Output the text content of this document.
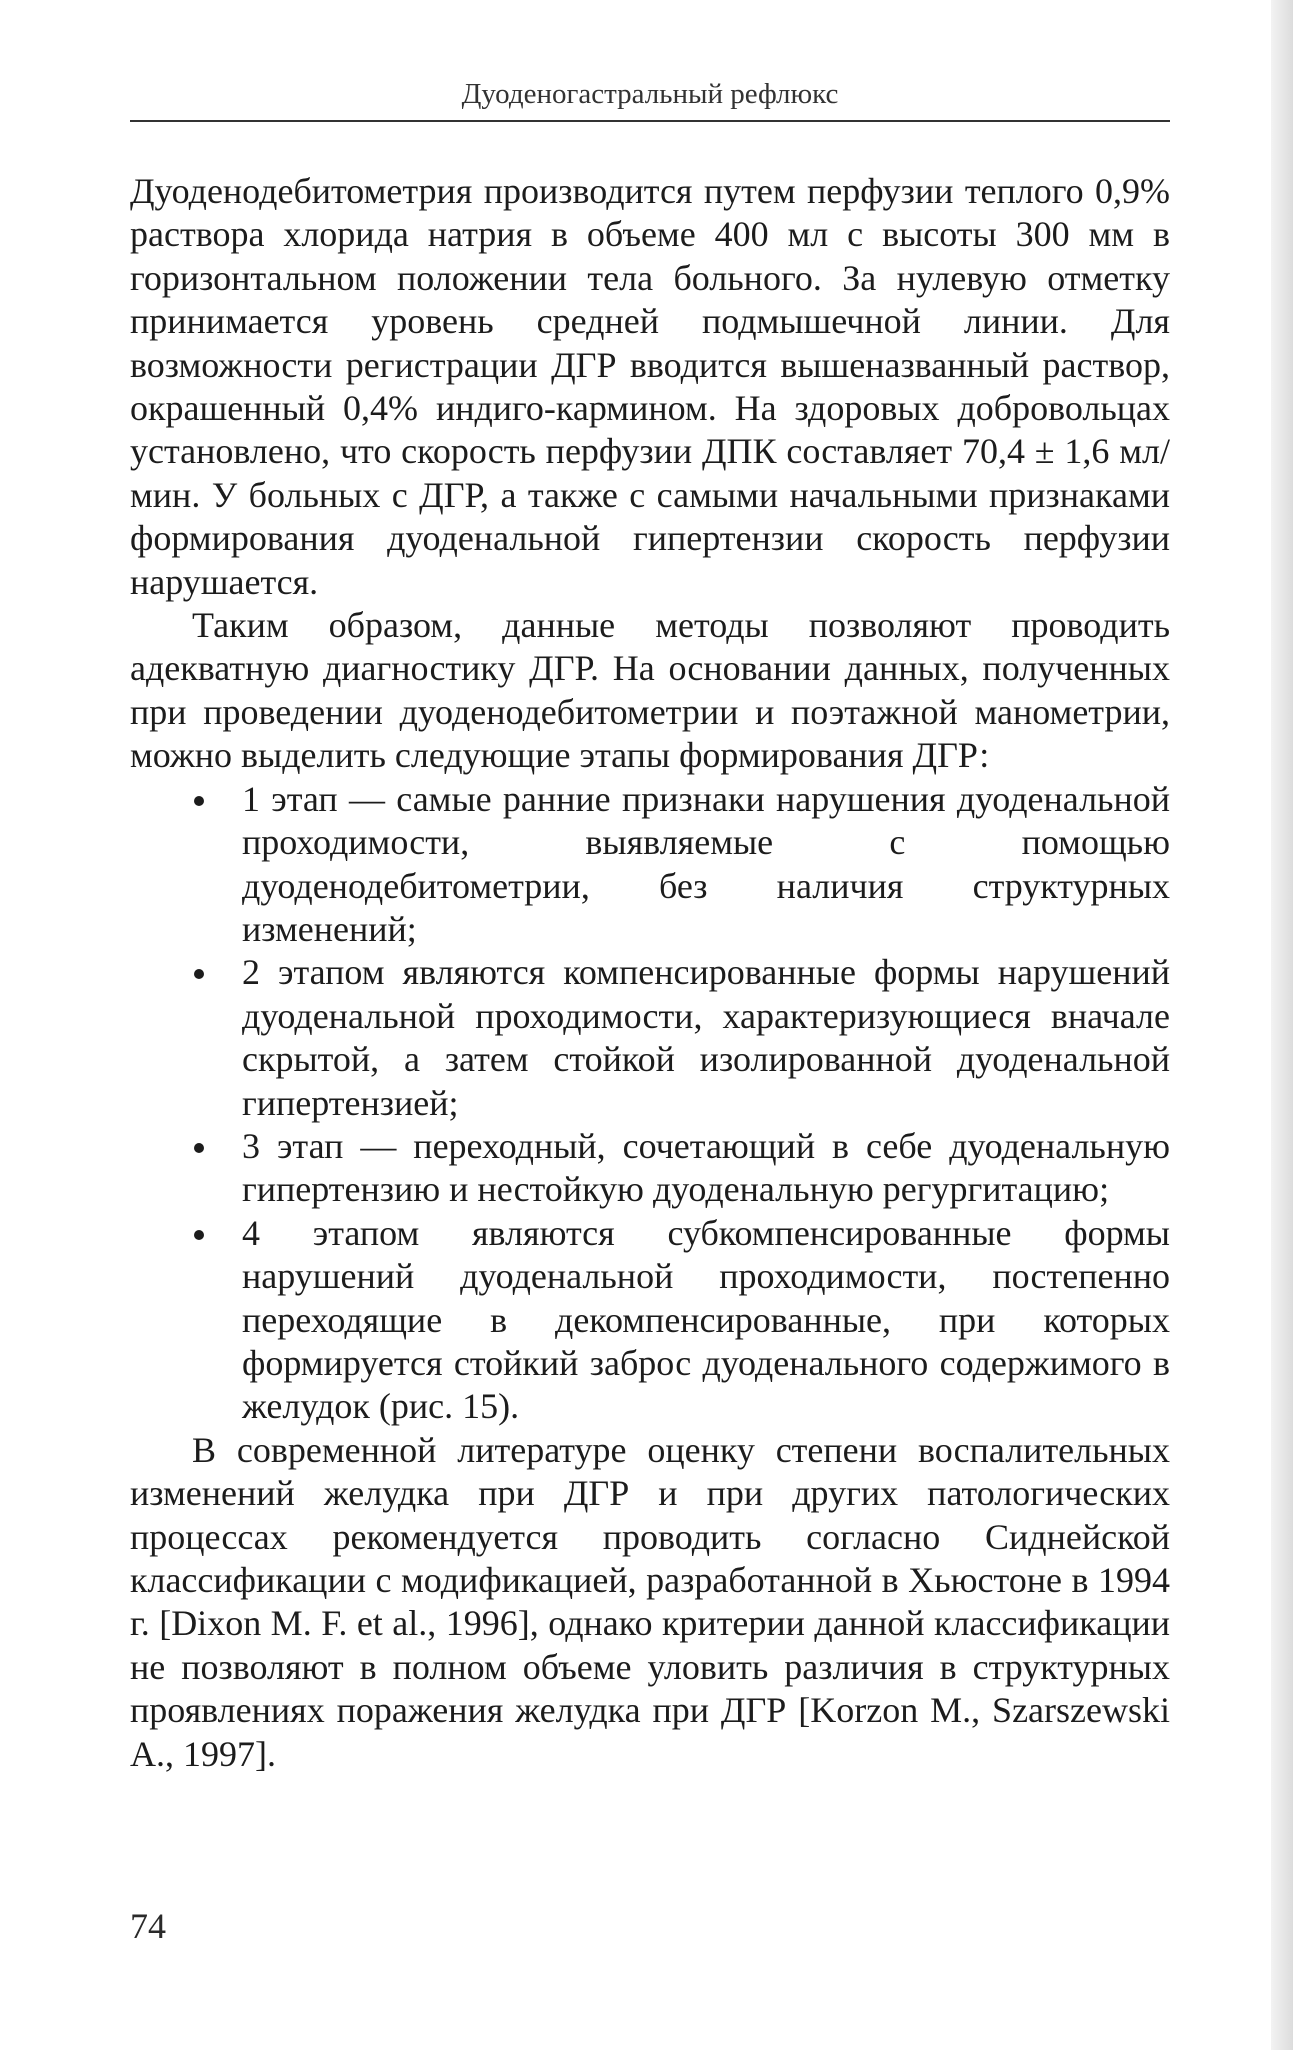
Дуоденогастральный рефлюкс

Дуоденодебитометрия производится путем перфузии теплого 0,9% раствора хлорида натрия в объеме 400 мл с высоты 300 мм в горизонтальном положении тела больного. За нулевую отметку принимается уровень средней подмышечной линии. Для возможности регистрации ДГР вводится вышеназванный раствор, окрашенный 0,4% индиго-кармином. На здоровых добровольцах установлено, что скорость перфузии ДПК составляет 70,4 ± 1,6 мл/мин. У больных с ДГР, а также с самыми начальными признаками формирования дуоденальной гипертензии скорость перфузии нарушается.

Таким образом, данные методы позволяют проводить адекватную диагностику ДГР. На основании данных, полученных при проведении дуоденодебитометрии и поэтажной манометрии, можно выделить следующие этапы формирования ДГР:

1 этап — самые ранние признаки нарушения дуоденальной проходимости, выявляемые с помощью дуоденодебитометрии, без наличия структурных изменений;
2 этапом являются компенсированные формы нарушений дуоденальной проходимости, характеризующиеся вначале скрытой, а затем стойкой изолированной дуоденальной гипертензией;
3 этап — переходный, сочетающий в себе дуоденальную гипертензию и нестойкую дуоденальную регургитацию;
4 этапом являются субкомпенсированные формы нарушений дуоденальной проходимости, постепенно переходящие в декомпенсированные, при которых формируется стойкий заброс дуоденального содержимого в желудок (рис. 15).

В современной литературе оценку степени воспалительных изменений желудка при ДГР и при других патологических процессах рекомендуется проводить согласно Сиднейской классификации с модификацией, разработанной в Хьюстоне в 1994 г. [Dixon M. F. et al., 1996], однако критерии данной классификации не позволяют в полном объеме уловить различия в структурных проявлениях поражения желудка при ДГР [Korzon M., Szarszewski A., 1997].

74
